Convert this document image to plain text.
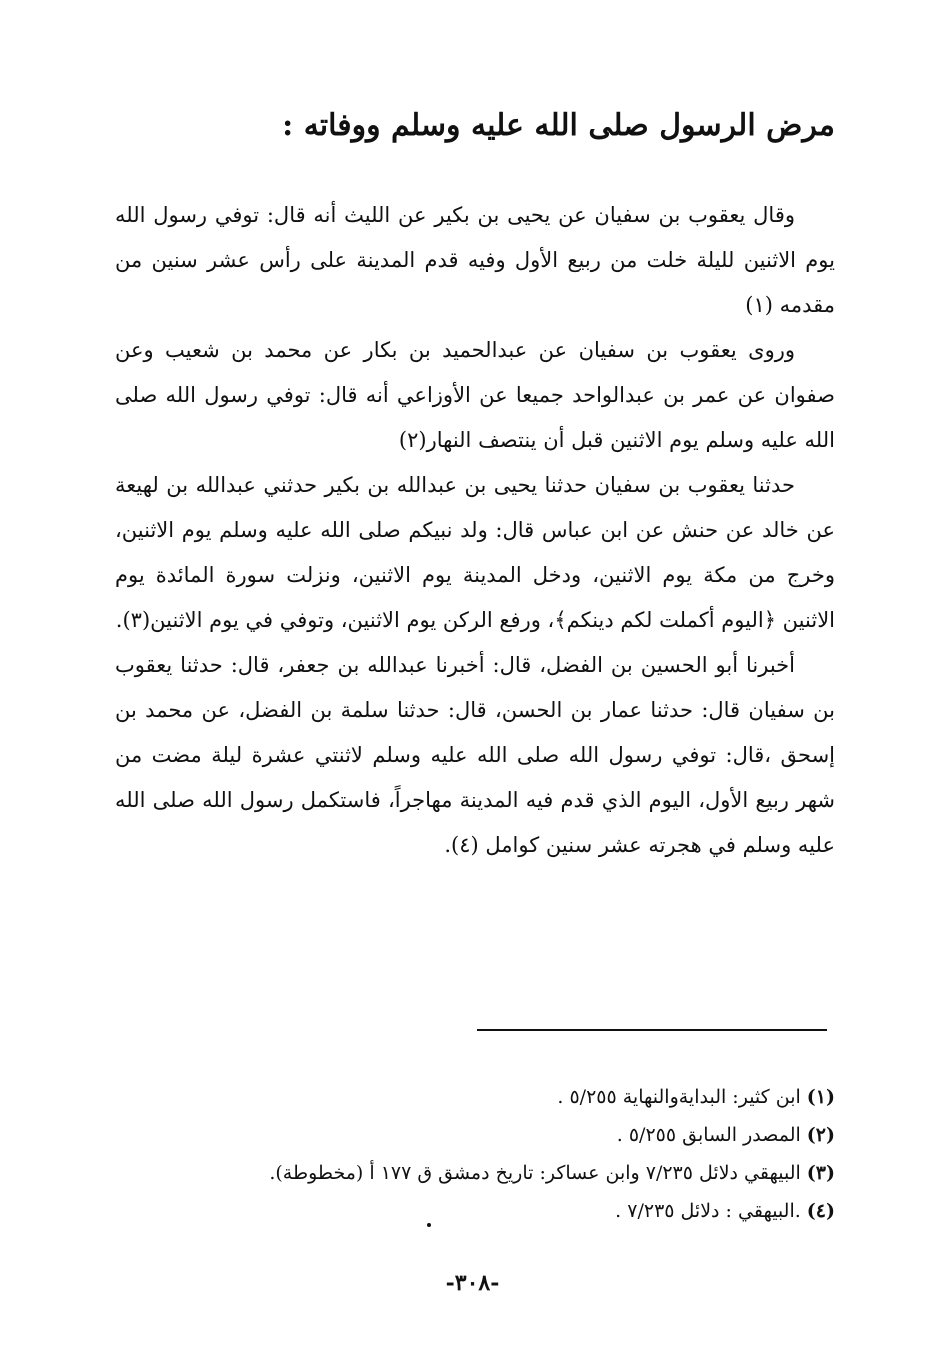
مرض الرسول صلى الله عليه وسلم ووفاته :

وقال يعقوب بن سفيان عن يحيى بن بكير عن الليث أنه قال: توفي رسول الله يوم الاثنين لليلة خلت من ربيع الأول وفيه قدم المدينة على رأس عشر سنين من مقدمه (١)

وروى يعقوب بن سفيان عن عبدالحميد بن بكار عن محمد بن شعيب وعن صفوان عن عمر بن عبدالواحد جميعا عن الأوزاعي أنه قال: توفي رسول الله صلى الله عليه وسلم يوم الاثنين قبل أن ينتصف النهار(٢)

حدثنا يعقوب بن سفيان حدثنا يحيى بن عبدالله بن بكير حدثني عبدالله بن لهيعة عن خالد عن حنش عن ابن عباس قال: ولد نبيكم صلى الله عليه وسلم يوم الاثنين، وخرج من مكة يوم الاثنين، ودخل المدينة يوم الاثنين، ونزلت سورة المائدة يوم الاثنين ﴿اليوم أكملت لكم دينكم﴾، ورفع الركن يوم الاثنين، وتوفي في يوم الاثنين(٣).

أخبرنا أبو الحسين بن الفضل، قال: أخبرنا عبدالله بن جعفر، قال: حدثنا يعقوب بن سفيان قال: حدثنا عمار بن الحسن، قال: حدثنا سلمة بن الفضل، عن محمد بن إسحق ،قال: توفي رسول الله صلى الله عليه وسلم لاثنتي عشرة ليلة مضت من شهر ربيع الأول، اليوم الذي قدم فيه المدينة مهاجراً، فاستكمل رسول الله صلى الله عليه وسلم في هجرته عشر سنين كوامل (٤).

(١)ابن كثير: البدايةوالنهاية ٥/٢٥٥ .
(٢)المصدر السابق ٥/٢٥٥ .
(٣)البيهقي دلائل ٧/٢٣٥ وابن عساكر: تاريخ دمشق ق ١٧٧ أ (مخطوطة).
(٤).البيهقي : دلائل ٧/٢٣٥ .
-٣٠٨-
